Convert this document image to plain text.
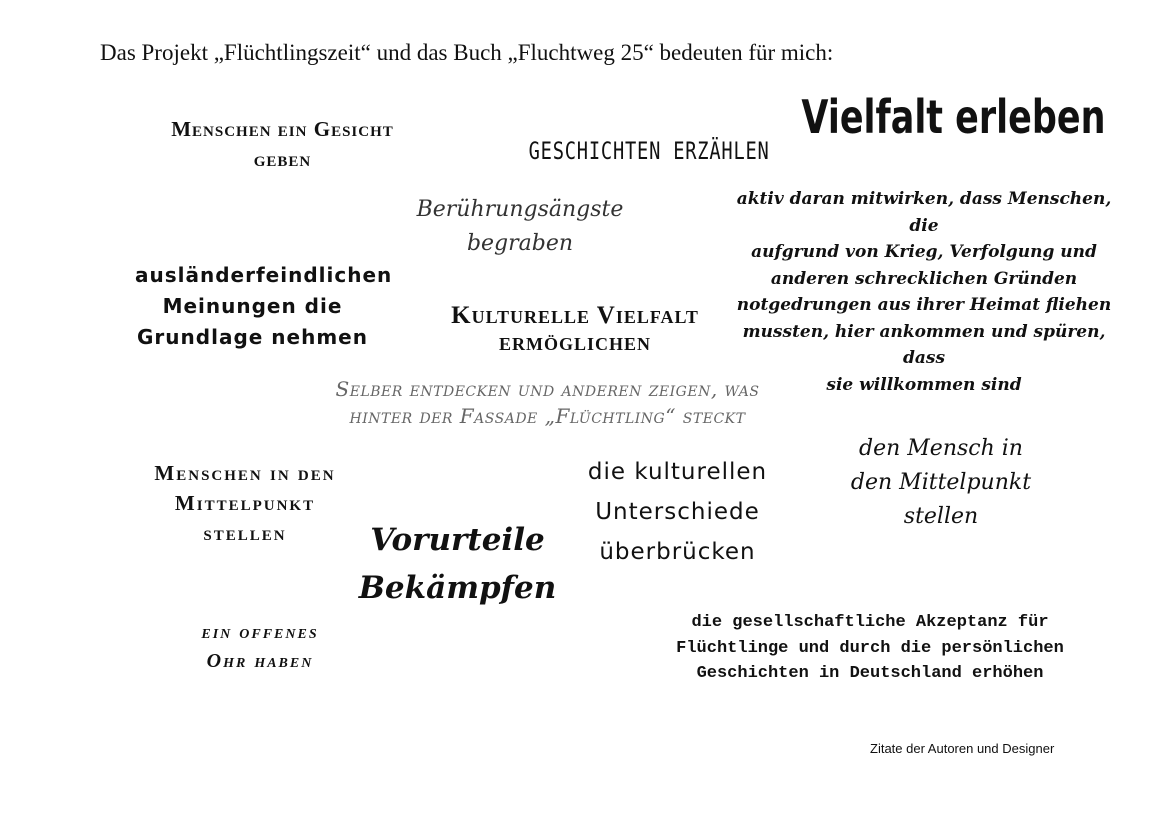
Das Projekt „Flüchtlingszeit“ und das Buch „Fluchtweg 25“ bedeuten für mich:
Menschen ein Gesicht
geben	GESCHICHTEN ERZÄHLEN
Vielfalt erleben
Berührungsängste
begraben
aktiv daran mitwirken, dass Menschen, die
aufgrund von Krieg, Verfolgung und
anderen schrecklichen Gründen
notgedrungen aus ihrer Heimat fliehen
mussten, hier ankommen und spüren, dass
sie willkommen sind
ausländerfeindlichen
Meinungen die
Grundlage nehmen
Kulturelle Vielfalt
ermöglichen
Selber entdecken und anderen zeigen, was
hinter der Fassade „Flüchtling“ steckt
den Mensch in
den Mittelpunkt
stellen
Menschen in den
Mittelpunkt
stellen
die kulturellen
Unterschiede
überbrücken
Vorurteile
Bekämpfen
ein offenes
Ohr haben
die gesellschaftliche Akzeptanz für
Flüchtlinge und durch die persönlichen
Geschichten in Deutschland erhöhen
Zitate der Autoren und Designer
